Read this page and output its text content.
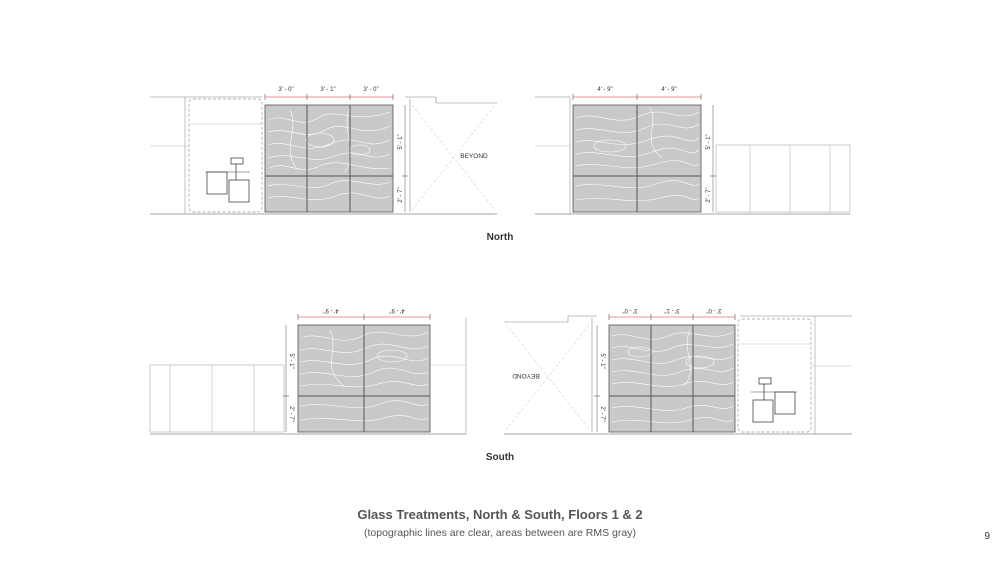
3' - 0"	3' - 1"	3' - 0"
5' - 1"
2' - 7"
BEYOND
4' - 9"	4' - 9"
5' - 1"
2' - 7"
4' - 9"	4' - 9"
5' - 1"
2' - 7"
BEYOND
5' - 1"
2' - 7"
3' - 0"	3' - 1"	3' - 0"
North
South
Glass Treatments, North & South, Floors 1 & 2
(topographic lines are clear, areas between are RMS gray)	9
